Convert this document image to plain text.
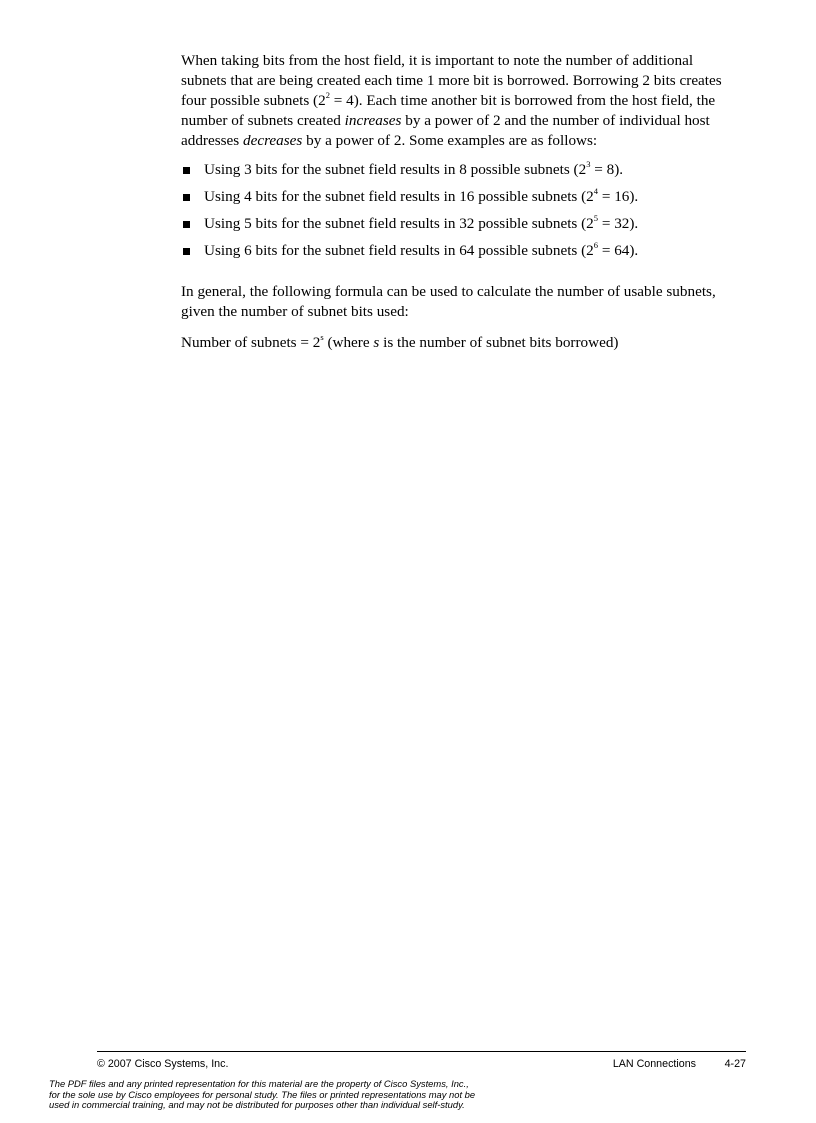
When taking bits from the host field, it is important to note the number of additional subnets that are being created each time 1 more bit is borrowed. Borrowing 2 bits creates four possible subnets $(2^2 = 4)$. Each time another bit is borrowed from the host field, the number of subnets created increases by a power of 2 and the number of individual host addresses decreases by a power of 2. Some examples are as follows:

Using 3 bits for the subnet field results in 8 possible subnets $(2^3 = 8)$.
Using 4 bits for the subnet field results in 16 possible subnets $(2^4 = 16)$.
Using 5 bits for the subnet field results in 32 possible subnets $(2^5 = 32)$.
Using 6 bits for the subnet field results in 64 possible subnets $(2^6 = 64)$.

In general, the following formula can be used to calculate the number of usable subnets, given the number of subnet bits used:

Number of subnets = $2^s$ (where s is the number of subnet bits borrowed)

© 2007 Cisco Systems, Inc.	LAN Connections	4-27
The PDF files and any printed representation for this material are the property of Cisco Systems, Inc.,
for the sole use by Cisco employees for personal study. The files or printed representations may not be
used in commercial training, and may not be distributed for purposes other than individual self-study.
